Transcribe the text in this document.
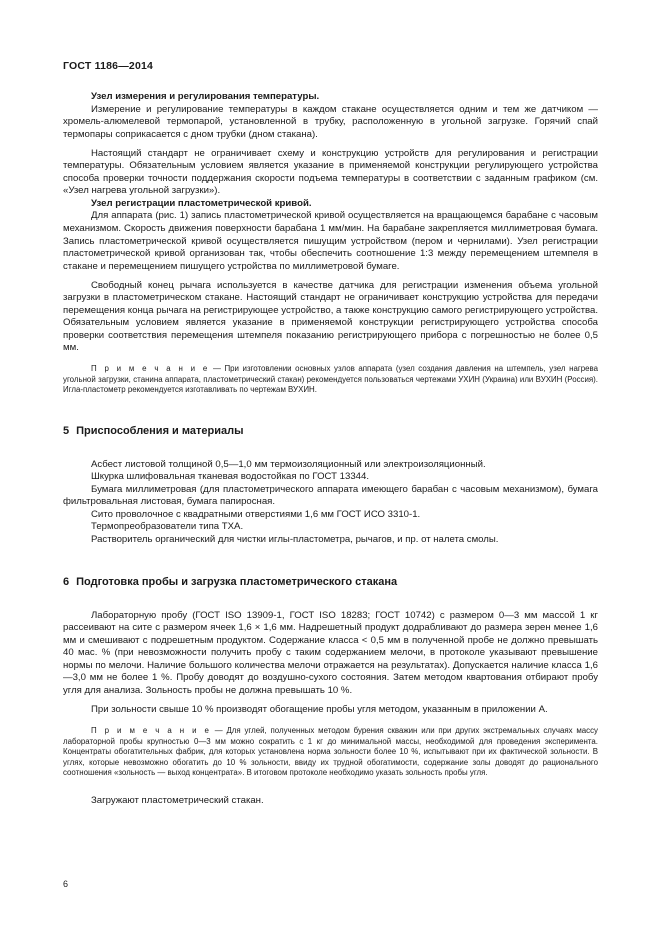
ГОСТ 1186—2014

Узел измерения и регулирования температуры.

Измерение и регулирование температуры в каждом стакане осуществляется одним и тем же датчиком — хромель-алюмелевой термопарой, установленной в трубку, расположенную в угольной загрузке. Горячий спай термопары соприкасается с дном трубки (дном стакана).

Настоящий стандарт не ограничивает схему и конструкцию устройств для регулирования и регистрации температуры. Обязательным условием является указание в применяемой конструкции регулирующего устройства способа проверки точности поддержания скорости подъема температуры в соответствии с заданным графиком (см. «Узел нагрева угольной загрузки»).

Узел регистрации пластометрической кривой.

Для аппарата (рис. 1) запись пластометрической кривой осуществляется на вращающемся барабане с часовым механизмом. Скорость движения поверхности барабана 1 мм/мин. На барабане закрепляется миллиметровая бумага. Запись пластометрической кривой осуществляется пишущим устройством (пером и чернилами). Узел регистрации пластометрической кривой организован так, чтобы обеспечить соотношение 1:3 между перемещением штемпеля в стакане и перемещением пишущего устройства по миллиметровой бумаге.

Свободный конец рычага используется в качестве датчика для регистрации изменения объема угольной загрузки в пластометрическом стакане. Настоящий стандарт не ограничивает конструкцию устройства для передачи перемещения конца рычага на регистрирующее устройство, а также конструкцию самого регистрирующего устройства. Обязательным условием является указание в применяемой конструкции регистрирующего устройства способа проверки соответствия перемещения штемпеля показанию регистрирующего прибора с погрешностью не более 0,5 мм.

П р и м е ч а н и е — При изготовлении основных узлов аппарата (узел создания давления на штемпель, узел нагрева угольной загрузки, станина аппарата, пластометрический стакан) рекомендуется пользоваться чертежами УХИН (Украина) или ВУХИН (Россия). Игла-пластометр рекомендуется изготавливать по чертежам ВУХИН.

5 Приспособления и материалы

Асбест листовой толщиной 0,5—1,0 мм термоизоляционный или электроизоляционный.

Шкурка шлифовальная тканевая водостойкая по ГОСТ 13344.

Бумага миллиметровая (для пластометрического аппарата имеющего барабан с часовым механизмом), бумага фильтровальная листовая, бумага папиросная.

Сито проволочное с квадратными отверстиями 1,6 мм ГОСТ ИСО 3310-1.

Термопреобразователи типа ТХА.

Растворитель органический для чистки иглы-пластометра, рычагов, и пр. от налета смолы.

6 Подготовка пробы и загрузка пластометрического стакана

Лабораторную пробу (ГОСТ ISO 13909-1, ГОСТ ISO 18283; ГОСТ 10742) с размером 0—3 мм массой 1 кг рассеивают на сите с размером ячеек 1,6 × 1,6 мм. Надрешетный продукт додрабливают до размера зерен менее 1,6 мм и смешивают с подрешетным продуктом. Содержание класса < 0,5 мм в полученной пробе не должно превышать 40 мас. % (при невозможности получить пробу с таким содержанием мелочи, в протоколе указывают превышение нормы по мелочи. Наличие большого количества мелочи отражается на результатах). Допускается наличие класса 1,6—3,0 мм не более 1 %. Пробу доводят до воздушно-сухого состояния. Затем методом квартования отбирают пробу угля для анализа. Зольность пробы не должна превышать 10 %.

При зольности свыше 10 % производят обогащение пробы угля методом, указанным в приложении А.

П р и м е ч а н и е — Для углей, полученных методом бурения скважин или при других экстремальных случаях массу лабораторной пробы крупностью 0—3 мм можно сократить с 1 кг до минимальной массы, необходимой для проведения эксперимента. Концентраты обогатительных фабрик, для которых установлена норма зольности более 10 %, испытывают при их фактической зольности. В углях, которые невозможно обогатить до 10 % зольности, ввиду их трудной обогатимости, содержание золы доводят до рационального соотношения «зольность — выход концентрата». В итоговом протоколе необходимо указать зольность пробы угля.

Загружают пластометрический стакан.

6
